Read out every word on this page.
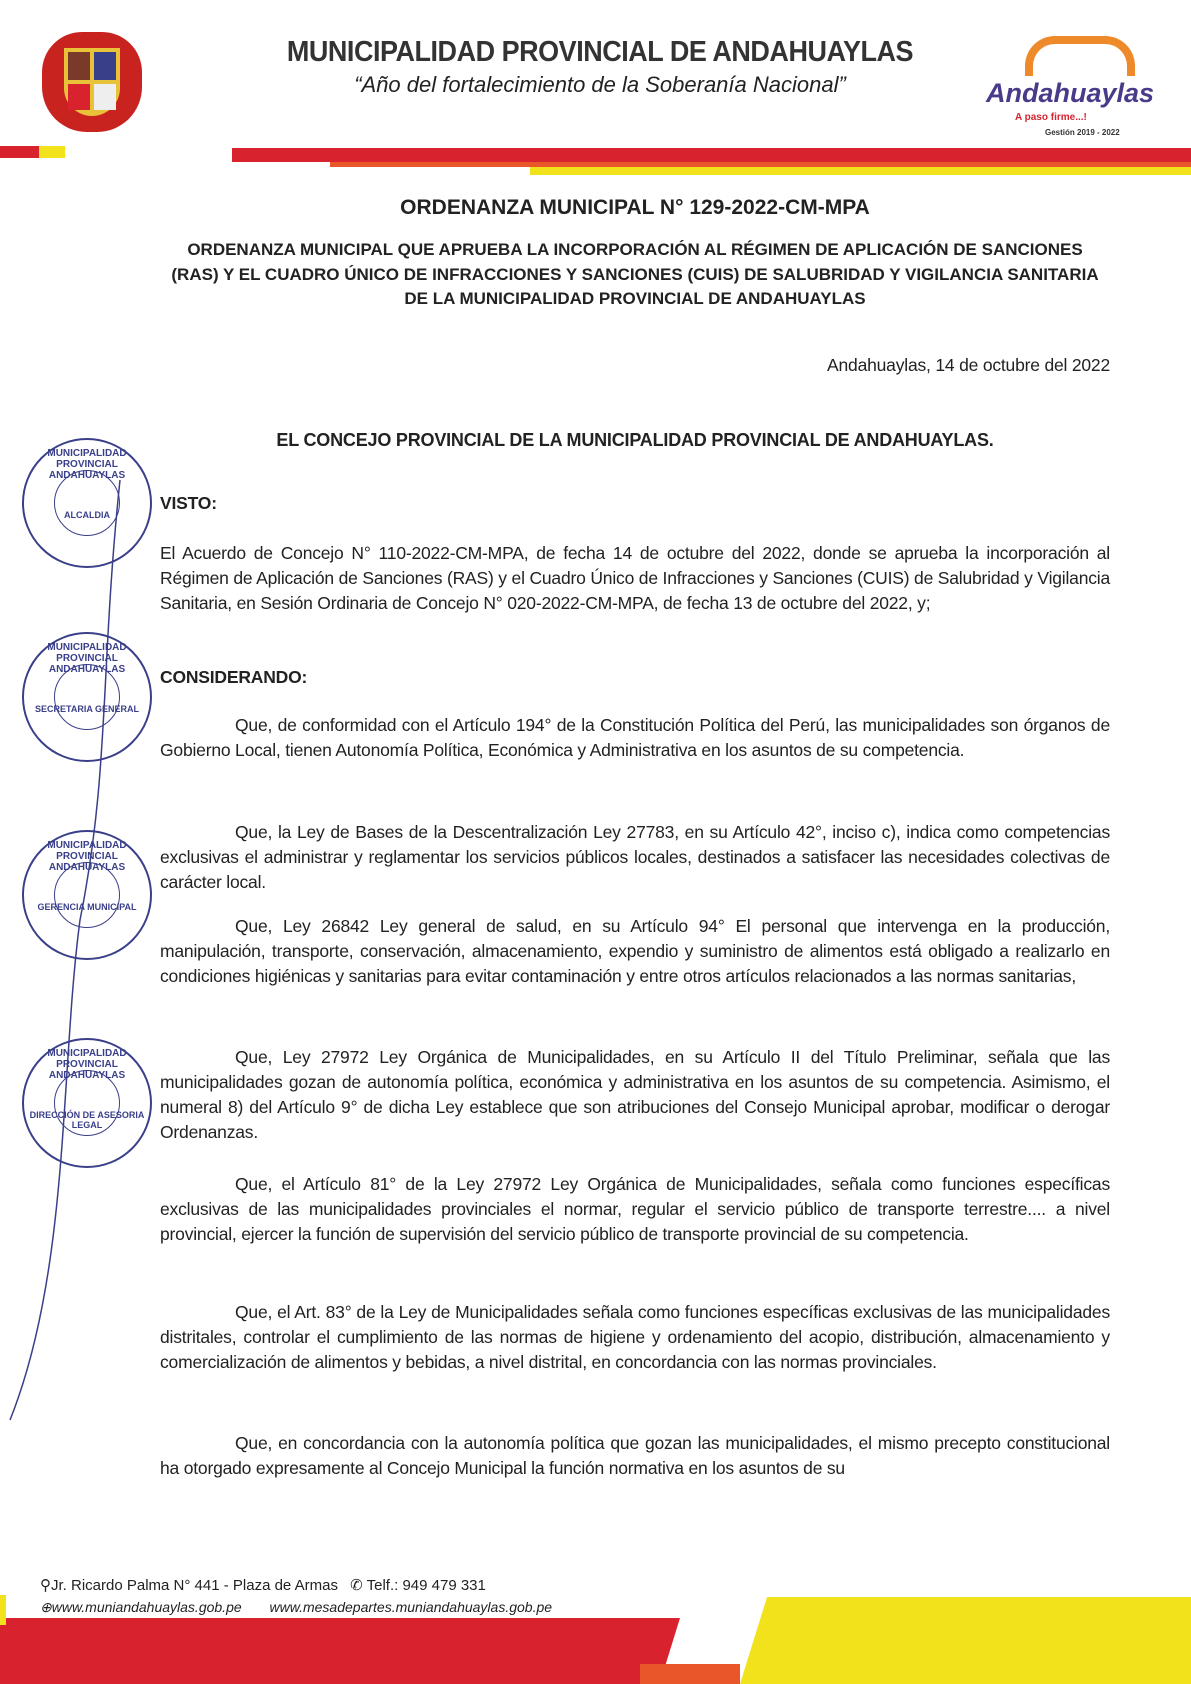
MUNICIPALIDAD PROVINCIAL DE ANDAHUAYLAS
“Año del fortalecimiento de la Soberanía Nacional”	Andahuaylas
A paso firme...!
Gestión 2019 - 2022
ORDENANZA MUNICIPAL N° 129-2022-CM-MPA
ORDENANZA MUNICIPAL QUE APRUEBA LA INCORPORACIÓN AL RÉGIMEN DE APLICACIÓN DE SANCIONES (RAS) Y EL CUADRO ÚNICO DE INFRACCIONES Y SANCIONES (CUIS) DE SALUBRIDAD Y VIGILANCIA SANITARIA DE LA MUNICIPALIDAD PROVINCIAL DE ANDAHUAYLAS
Andahuaylas, 14 de octubre del 2022
EL CONCEJO PROVINCIAL DE LA MUNICIPALIDAD PROVINCIAL DE ANDAHUAYLAS.
VISTO:
El Acuerdo de Concejo N° 110-2022-CM-MPA, de fecha 14 de octubre del 2022, donde se aprueba la incorporación al Régimen de Aplicación de Sanciones (RAS) y el Cuadro Único de Infracciones y Sanciones (CUIS) de Salubridad y Vigilancia Sanitaria, en Sesión Ordinaria de Concejo N° 020-2022-CM-MPA, de fecha 13 de octubre del 2022, y;
CONSIDERANDO:
Que, de conformidad con el Artículo 194° de la Constitución Política del Perú, las municipalidades son órganos de Gobierno Local, tienen Autonomía Política, Económica y Administrativa en los asuntos de su competencia.
Que, la Ley de Bases de la Descentralización Ley 27783, en su Artículo 42°, inciso c), indica como competencias exclusivas el administrar y reglamentar los servicios públicos locales, destinados a satisfacer las necesidades colectivas de carácter local.
Que, Ley 26842 Ley general de salud, en su Artículo 94° El personal que intervenga en la producción, manipulación, transporte, conservación, almacenamiento, expendio y suministro de alimentos está obligado a realizarlo en condiciones higiénicas y sanitarias para evitar contaminación y entre otros artículos relacionados a las normas sanitarias,
Que, Ley 27972 Ley Orgánica de Municipalidades, en su Artículo II del Título Preliminar, señala que las municipalidades gozan de autonomía política, económica y administrativa en los asuntos de su competencia. Asimismo, el numeral 8) del Artículo 9° de dicha Ley establece que son atribuciones del Consejo Municipal aprobar, modificar o derogar Ordenanzas.
Que, el Artículo 81° de la Ley 27972 Ley Orgánica de Municipalidades, señala como funciones específicas exclusivas de las municipalidades provinciales el normar, regular el servicio público de transporte terrestre.... a nivel provincial, ejercer la función de supervisión del servicio público de transporte provincial de su competencia.
Que, el Art. 83° de la Ley de Municipalidades señala como funciones específicas exclusivas de las municipalidades distritales, controlar el cumplimiento de las normas de higiene y ordenamiento del acopio, distribución, almacenamiento y comercialización de alimentos y bebidas, a nivel distrital, en concordancia con las normas provinciales.
Que, en concordancia con la autonomía política que gozan las municipalidades, el mismo precepto constitucional ha otorgado expresamente al Concejo Municipal la función normativa en los asuntos de su
MUNICIPALIDAD PROVINCIAL ANDAHUAYLAS
ALCALDIA
MUNICIPALIDAD PROVINCIAL ANDAHUAYLAS
SECRETARIA GENERAL
MUNICIPALIDAD PROVINCIAL ANDAHUAYLAS
GERENCIA MUNICIPAL
MUNICIPALIDAD PROVINCIAL ANDAHUAYLAS
DIRECCIÓN DE ASESORIA LEGAL
⚲Jr. Ricardo Palma N° 441 - Plaza de Armas ✆ Telf.: 949 479 331
⊕www.muniandahuaylas.gob.pe www.mesadepartes.muniandahuaylas.gob.pe
